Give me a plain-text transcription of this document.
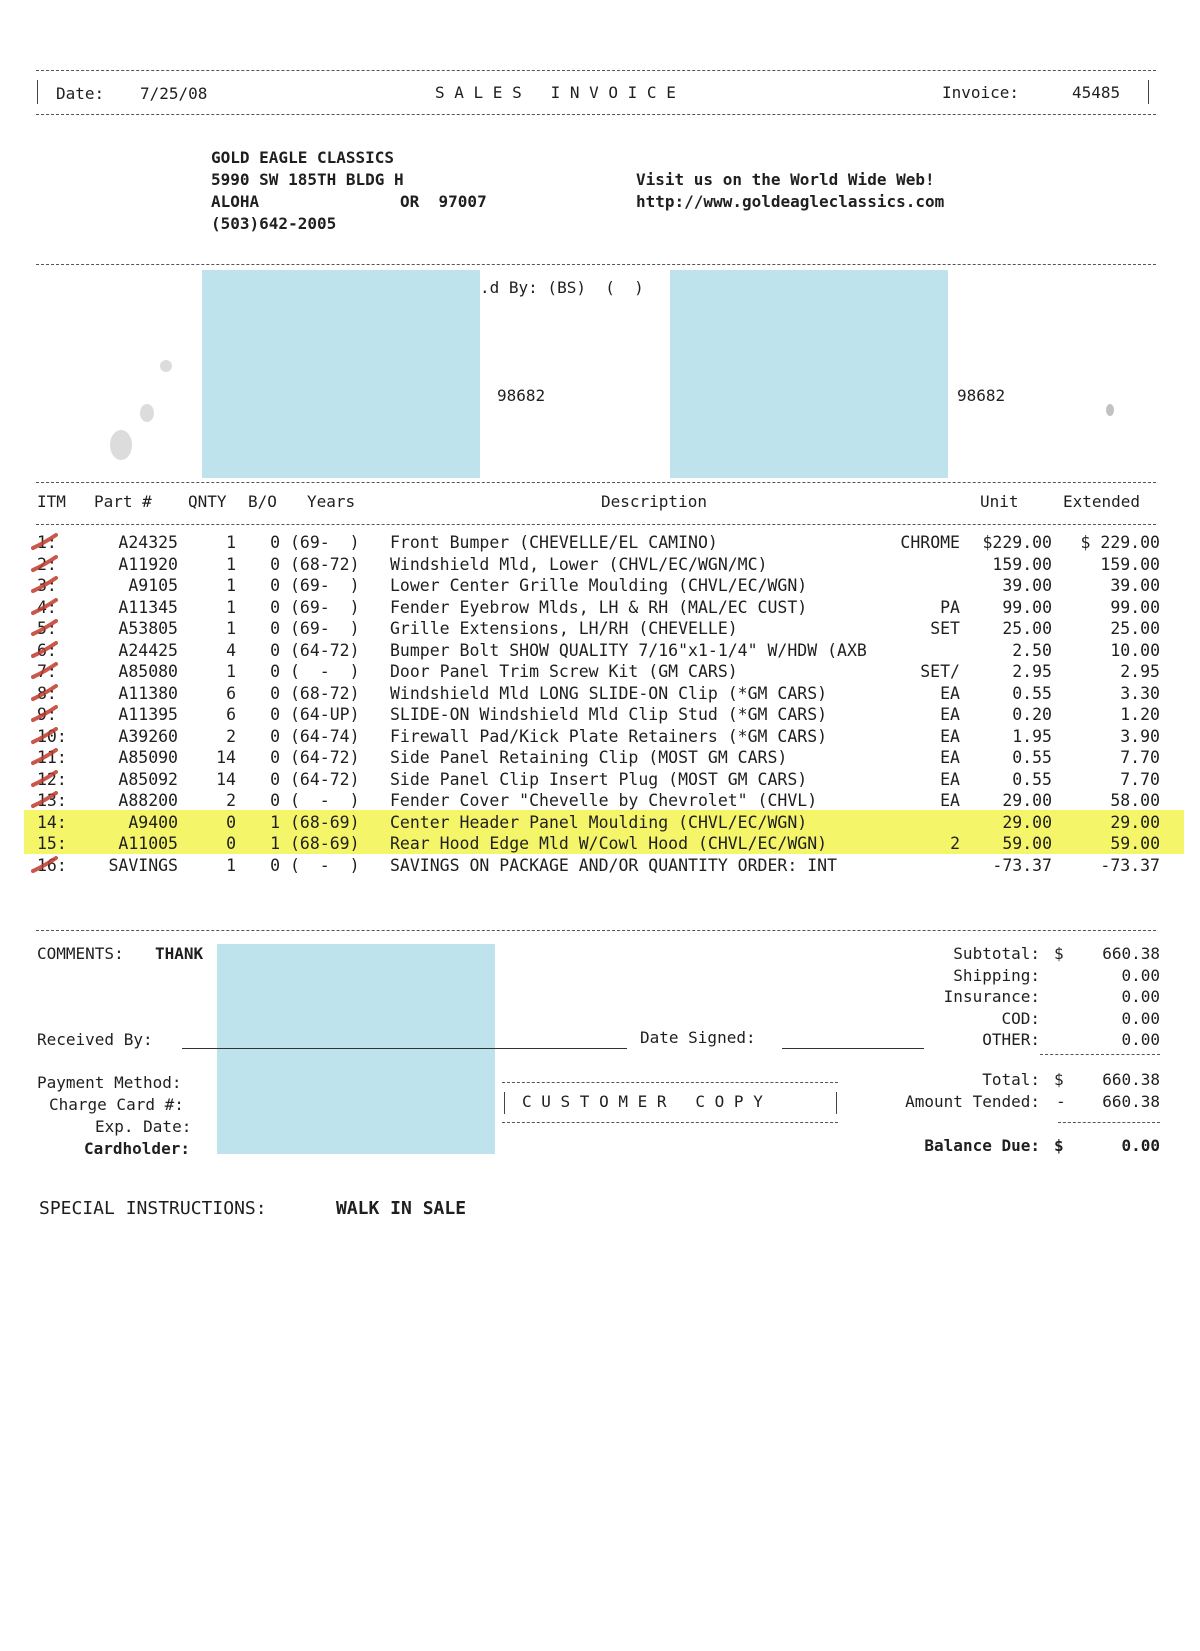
Date: 7/25/08	S A L E S   I N V O I C E	Invoice:	45485
GOLD EAGLE CLASSICS
5990 SW 185TH BLDG H
ALOHA	OR  97007
(503)642-2005
Visit us on the World Wide Web!
http://www.goldeagleclassics.com
.d By: (BS)  (  )
98682	98682
ITM Part # QNTY B/O Years	Description	Unit	Extended
1:	A24325	1	0 (69-  )	Front Bumper (CHEVELLE/EL CAMINO)	CHROME	$229.00	$ 229.00
2:	A11920	1	0 (68-72)	Windshield Mld, Lower (CHVL/EC/WGN/MC)	159.00	159.00
3:	A9105	1	0 (69-  )	Lower Center Grille Moulding (CHVL/EC/WGN)	39.00	39.00
4:	A11345	1	0 (69-  )	Fender Eyebrow Mlds, LH & RH (MAL/EC CUST)	PA	99.00	99.00
5:	A53805	1	0 (69-  )	Grille Extensions, LH/RH (CHEVELLE)	SET	25.00	25.00
6:	A24425	4	0 (64-72)	Bumper Bolt SHOW QUALITY 7/16"x1-1/4" W/HDW (AXB	2.50	10.00
7:	A85080	1	0 (  -  )	Door Panel Trim Screw Kit (GM CARS)	SET/	2.95	2.95
8:	A11380	6	0 (68-72)	Windshield Mld LONG SLIDE-ON Clip (*GM CARS)	EA	0.55	3.30
9:	A11395	6	0 (64-UP)	SLIDE-ON Windshield Mld Clip Stud (*GM CARS)	EA	0.20	1.20
10:	A39260	2	0 (64-74)	Firewall Pad/Kick Plate Retainers (*GM CARS)	EA	1.95	3.90
11:	A85090	14	0 (64-72)	Side Panel Retaining Clip (MOST GM CARS)	EA	0.55	7.70
12:	A85092	14	0 (64-72)	Side Panel Clip Insert Plug (MOST GM CARS)	EA	0.55	7.70
13:	A88200	2	0 (  -  )	Fender Cover "Chevelle by Chevrolet" (CHVL)	EA	29.00	58.00
14:	A9400	0	1 (68-69)	Center Header Panel Moulding (CHVL/EC/WGN)	29.00	29.00
15:	A11005	0	1 (68-69)	Rear Hood Edge Mld W/Cowl Hood (CHVL/EC/WGN)	2	59.00	59.00
16:	SAVINGS	1	0 (  -  )	SAVINGS ON PACKAGE AND/OR QUANTITY ORDER: INT	-73.37	-73.37
COMMENTS: THANK
Received By:	Date Signed:
Payment Method:
Charge Card #:
Exp. Date:
Cardholder:
C U S T O M E R   C O P Y
Subtotal: $	660.38
Shipping:	0.00
Insurance:	0.00
COD:	0.00
OTHER:	0.00
Total: $	660.38
Amount Tended: -	660.38
Balance Due: $	0.00
SPECIAL INSTRUCTIONS:	WALK IN SALE
